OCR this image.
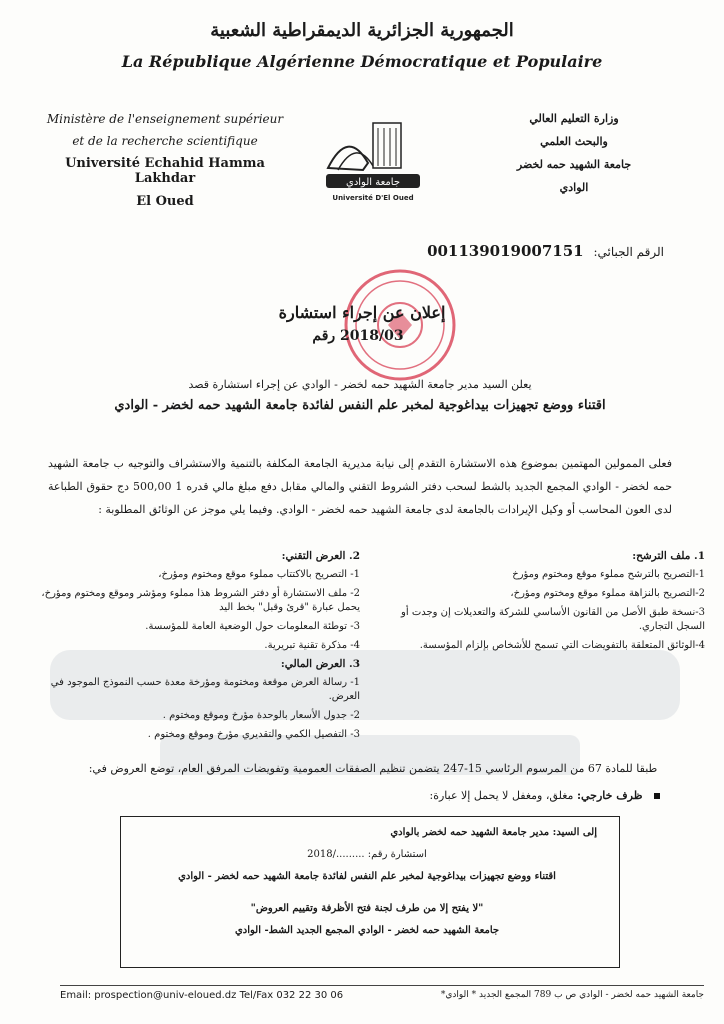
الجمهورية الجزائرية الديمقراطية الشعبية
La République Algérienne Démocratique et Populaire
Ministère de l'enseignement supérieur
et de la recherche scientifique
Université Echahid Hamma Lakhdar
El Oued
وزارة التعليم العالي
والبحث العلمي
جامعة الشهيد حمه لخضر
الوادي
جامعة الوادي
Université D'El Oued
الرقم الجبائي: 001139019007151
إعلان عن إجراء استشارة
رقم 2018/03
يعلن السيد مدير جامعة الشهيد حمه لخضر - الوادي عن إجراء استشارة قصد
اقتناء ووضع تجهيزات بيداغوجية لمخبر علم النفس لفائدة جامعة الشهيد حمه لخضر - الوادي
فعلى الممولين المهتمين بموضوع هذه الاستشارة التقدم إلى نيابة مديرية الجامعة المكلفة بالتنمية والاستشراف والتوجيه ب جامعة الشهيد حمه لخضر - الوادي المجمع الجديد بالشط لسحب دفتر الشروط التقني والمالي مقابل دفع مبلغ مالي قدره 1 500,00 دج حقوق الطباعة لدى العون المحاسب أو وكيل الإيرادات بالجامعة لدى جامعة الشهيد حمه لخضر - الوادي. وفيما يلي موجز عن الوثائق المطلوبة :
1. ملف الترشح:
1-التصريح بالترشح مملوء موقع ومختوم ومؤرخ
2-التصريح بالنزاهة مملوء موقع ومختوم ومؤرخ،
3-نسخة طبق الأصل من القانون الأساسي للشركة والتعديلات إن وجدت أو السجل التجاري.
4-الوثائق المتعلقة بالتفويضات التي تسمح للأشخاص بإلزام المؤسسة.
2. العرض التقني:
1- التصريح بالاكتتاب مملوء موقع ومختوم ومؤرخ،
2- ملف الاستشارة أو دفتر الشروط هذا مملوء ومؤشر وموقع ومختوم ومؤرخ، يحمل عبارة "قرئ وقبل" بخط اليد
3- توطئة المعلومات حول الوضعية العامة للمؤسسة.
4- مذكرة تقنية تبريرية.
3. العرض المالي:
1- رسالة العرض موقعة ومختومة ومؤرخة معدة حسب النموذج الموجود في العرض.
2- جدول الأسعار بالوحدة مؤرخ وموقع ومختوم .
3- التفصيل الكمي والتقديري مؤرخ وموقع ومختوم .
طبقا للمادة 67 من المرسوم الرئاسي 15-247 يتضمن تنظيم الصفقات العمومية وتفويضات المرفق العام، توضع العروض في:
ظرف خارجي: مغلق، ومغفل لا يحمل إلا عبارة:
إلى السيد: مدير جامعة الشهيد حمه لخضر بالوادي
استشارة رقم: ........./2018
اقتناء ووضع تجهيزات بيداغوجية لمخبر علم النفس لفائدة جامعة الشهيد حمه لخضر - الوادي
"لا يفتح إلا من طرف لجنة فتح الأظرفة وتقييم العروض"
جامعة الشهيد حمه لخضر - الوادي المجمع الجديد الشط- الوادي
جامعة الشهيد حمه لخضر - الوادي ص ب 789 المجمع الجديد * الوادي*
Email: prospection@univ-eloued.dz Tel/Fax 032 22 30 06
